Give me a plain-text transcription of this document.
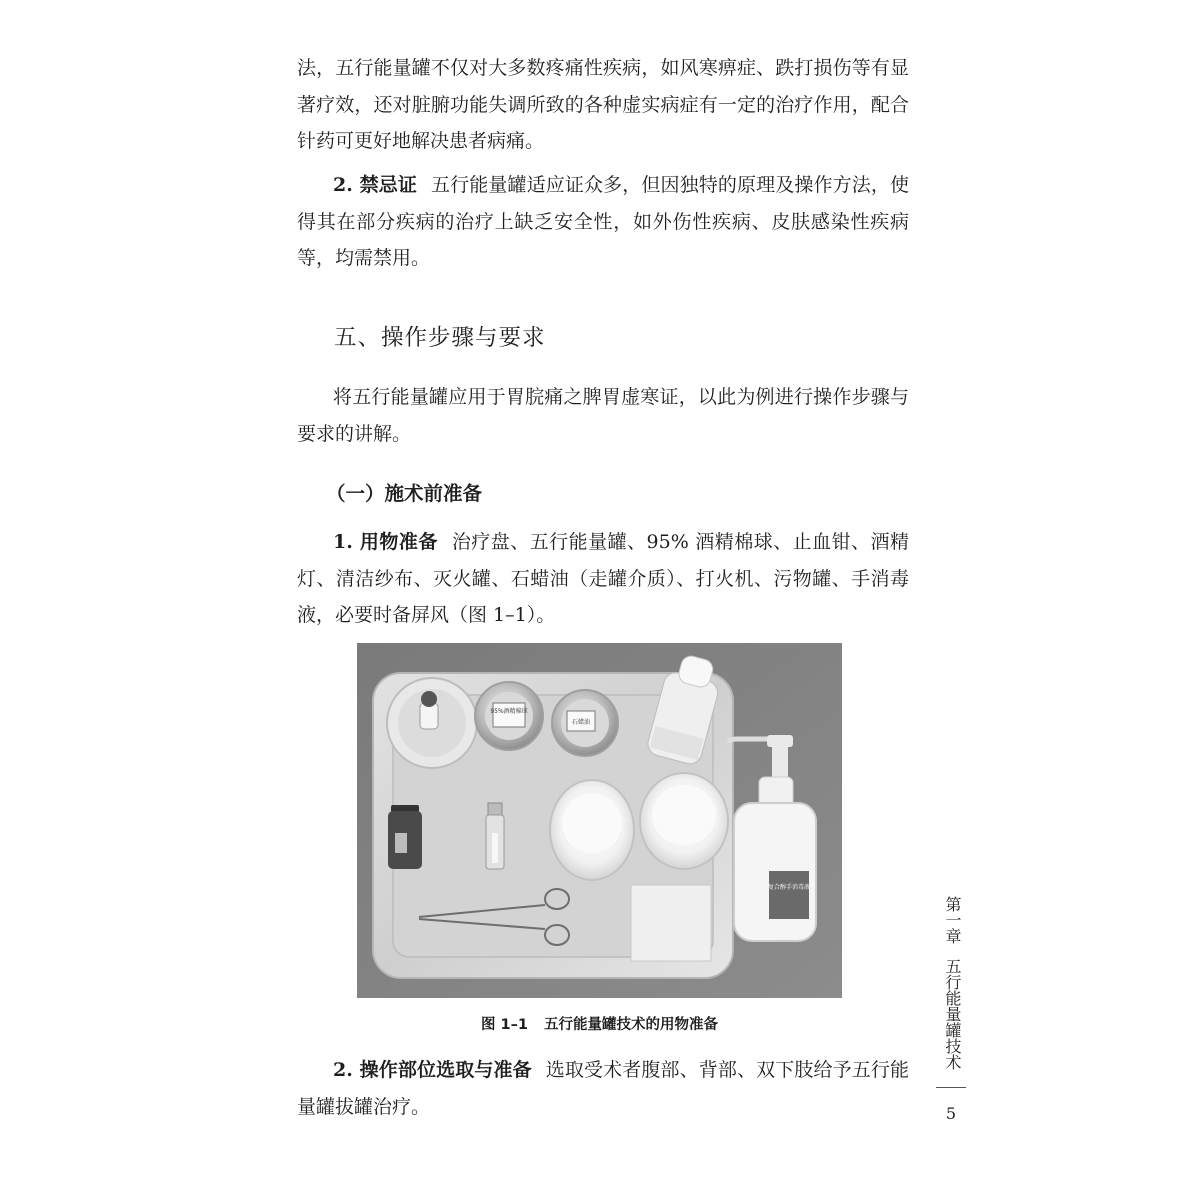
法，五行能量罐不仅对大多数疼痛性疾病，如风寒痹症、跌打损伤等有显著疗效，还对脏腑功能失调所致的各种虚实病症有一定的治疗作用，配合针药可更好地解决患者病痛。

2. 禁忌证 五行能量罐适应证众多，但因独特的原理及操作方法，使得其在部分疾病的治疗上缺乏安全性，如外伤性疾病、皮肤感染性疾病等，均需禁用。

五、操作步骤与要求

将五行能量罐应用于胃脘痛之脾胃虚寒证，以此为例进行操作步骤与要求的讲解。

（一）施术前准备

1. 用物准备 治疗盘、五行能量罐、95% 酒精棉球、止血钳、酒精灯、清洁纱布、灭火罐、石蜡油（走罐介质）、打火机、污物罐、手消毒液，必要时备屏风（图 1–1）。

95%酒精棉球
石蜡油
复合醇手消毒液
图 1–1 五行能量罐技术的用物准备

2. 操作部位选取与准备 选取受术者腹部、背部、双下肢给予五行能量罐拔罐治疗。

第一章五行能量罐技术
5
